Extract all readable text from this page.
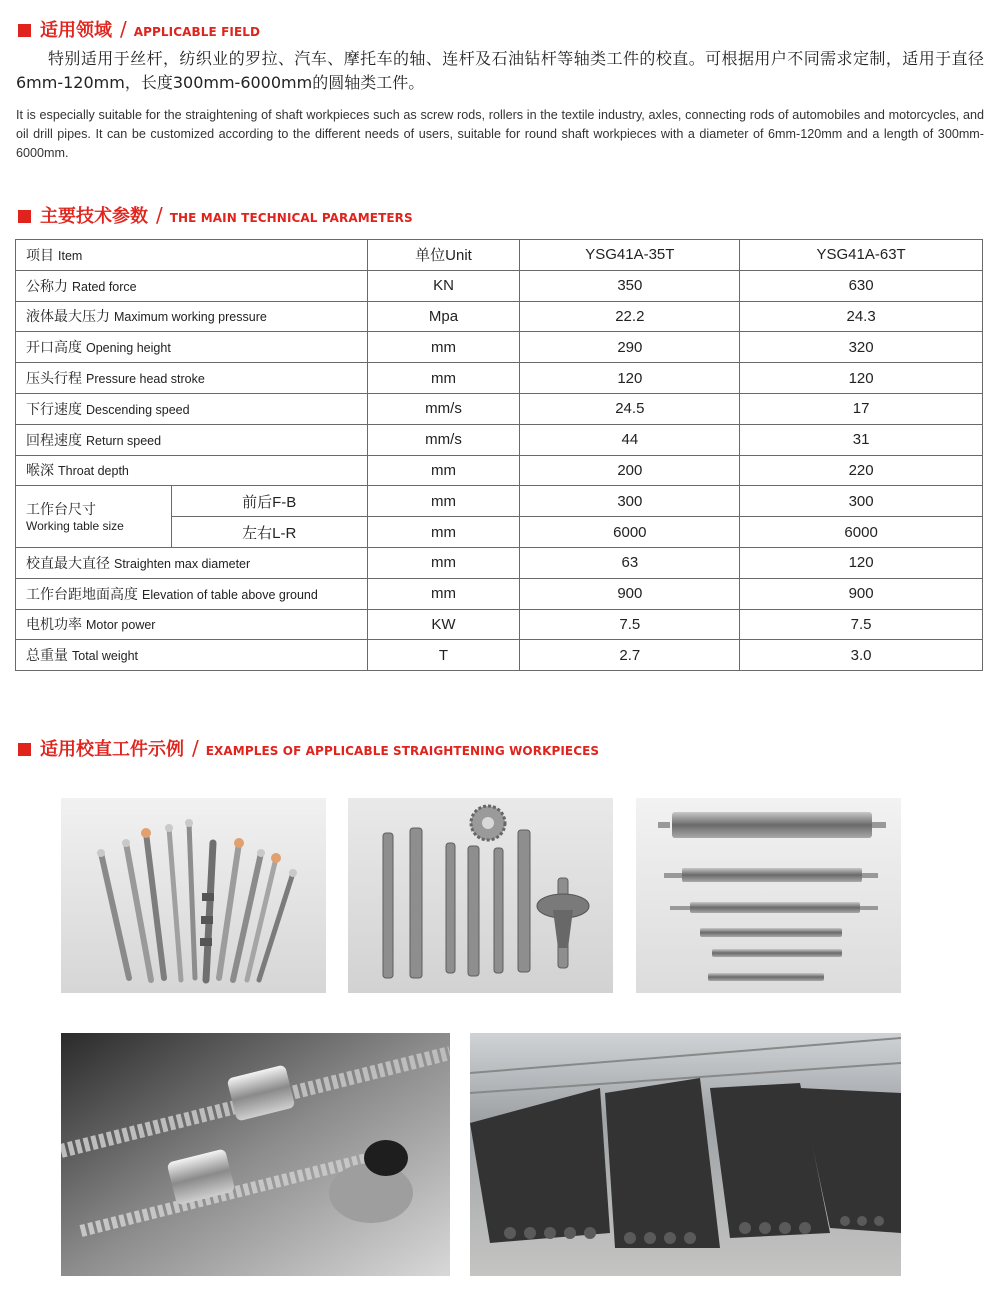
适用领域 / APPLICABLE FIELD

特别适用于丝杆，纺织业的罗拉、汽车、摩托车的轴、连杆及石油钻杆等轴类工件的校直。可根据用户不同需求定制，适用于直径6mm-120mm，长度300mm-6000mm的圆轴类工件。

It is especially suitable for the straightening of shaft workpieces such as screw rods, rollers in the textile industry, axles, connecting rods of automobiles and motorcycles, and oil drill pipes. It can be customized according to the different needs of users, suitable for round shaft workpieces with a diameter of 6mm-120mm and a length of 300mm-6000mm.

主要技术参数 / THE MAIN TECHNICAL PARAMETERS
项目 Item		单位Unit	YSG41A-35T	YSG41A-63T
公称力 Rated force		KN	350	630
液体最大压力 Maximum working pressure		Mpa	22.2	24.3
开口高度 Opening height		mm	290	320
压头行程 Pressure head stroke		mm	120	120
下行速度 Descending speed		mm/s	24.5	17
回程速度 Return speed		mm/s	44	31
喉深 Throat depth		mm	200	220

工作台尺寸
Working table size	前后F-B	mm	300	300
	左右L-R	mm	6000	6000
校直最大直径 Straighten max diameter		mm	63	120
工作台距地面高度 Elevation of table above ground		mm	900	900
电机功率 Motor power		KW	7.5	7.5
总重量 Total weight		T	2.7	3.0
适用校直工件示例 / EXAMPLES OF APPLICABLE STRAIGHTENING WORKPIECES
